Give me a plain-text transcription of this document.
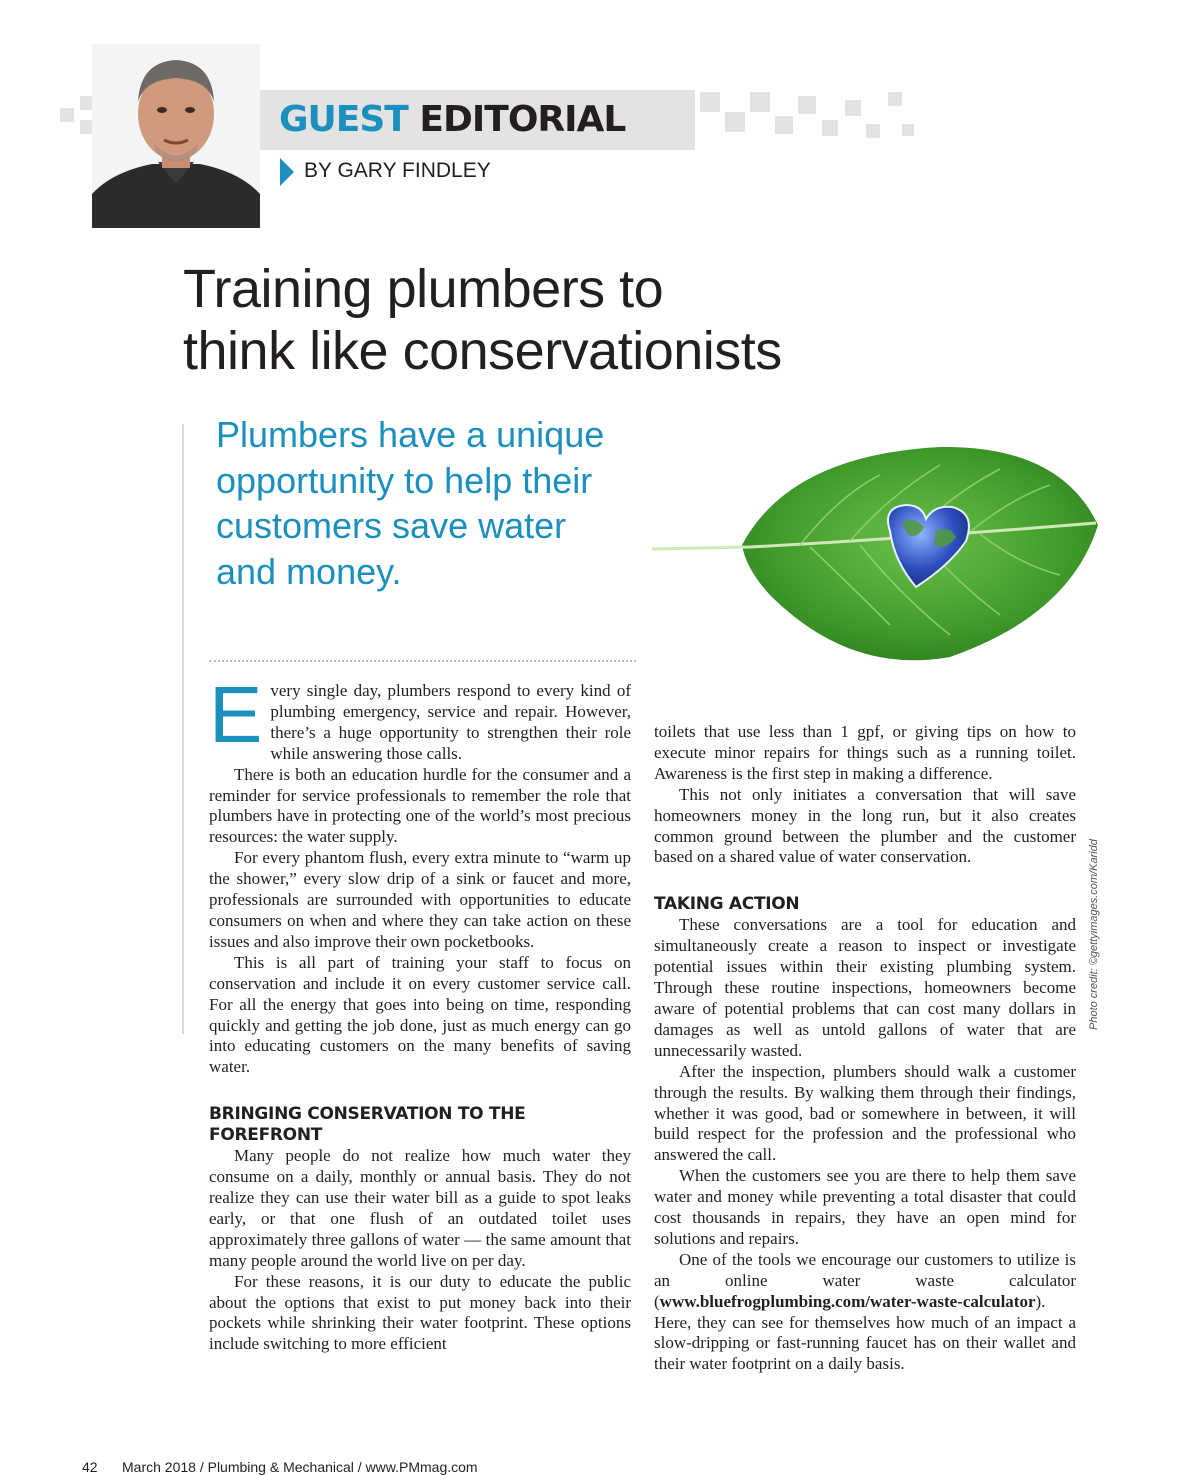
GUEST EDITORIAL
BY GARY FINDLEY
Training plumbers to
think like conservationists
Plumbers have a unique opportunity to help their customers save water and money.
E very single day, plumbers respond to every kind of plumbing emergency, service and repair. However, there’s a huge opportunity to strengthen their role while answering those calls.

There is both an education hurdle for the consumer and a reminder for service professionals to remember the role that plumbers have in protecting one of the world’s most precious resources: the water supply.

For every phantom flush, every extra minute to “warm up the shower,” every slow drip of a sink or faucet and more, professionals are surrounded with opportunities to educate consumers on when and where they can take action on these issues and also improve their own pocketbooks.

This is all part of training your staff to focus on conservation and include it on every customer service call. For all the energy that goes into being on time, responding quickly and getting the job done, just as much energy can go into educating customers on the many benefits of saving water.

BRINGING CONSERVATION TO THE FOREFRONT

Many people do not realize how much water they consume on a daily, monthly or annual basis. They do not realize they can use their water bill as a guide to spot leaks early, or that one flush of an outdated toilet uses approximately three gallons of water — the same amount that many people around the world live on per day.

For these reasons, it is our duty to educate the public about the options that exist to put money back into their pockets while shrinking their water footprint. These options include switching to more efficient

toilets that use less than 1 gpf, or giving tips on how to execute minor repairs for things such as a running toilet. Awareness is the first step in making a difference.

This not only initiates a conversation that will save homeowners money in the long run, but it also creates common ground between the plumber and the customer based on a shared value of water conservation.

TAKING ACTION

These conversations are a tool for education and simultaneously create a reason to inspect or investigate potential issues within their existing plumbing system. Through these routine inspections, homeowners become aware of potential problems that can cost many dollars in damages as well as untold gallons of water that are unnecessarily wasted.

After the inspection, plumbers should walk a customer through the results. By walking them through their findings, whether it was good, bad or somewhere in between, it will build respect for the profession and the professional who answered the call.

When the customers see you are there to help them save water and money while preventing a total disaster that could cost thousands in repairs, they have an open mind for solutions and repairs.

One of the tools we encourage our customers to utilize is an online water waste calculator (www.bluefrogplumbing.com/water-waste-calculator). Here, they can see for themselves how much of an impact a slow-dripping or fast-running faucet has on their wallet and their water footprint on a daily basis.

Photo credit: ©gettyimages.com/Karidd
42 March 2018 / Plumbing & Mechanical / www.PMmag.com
